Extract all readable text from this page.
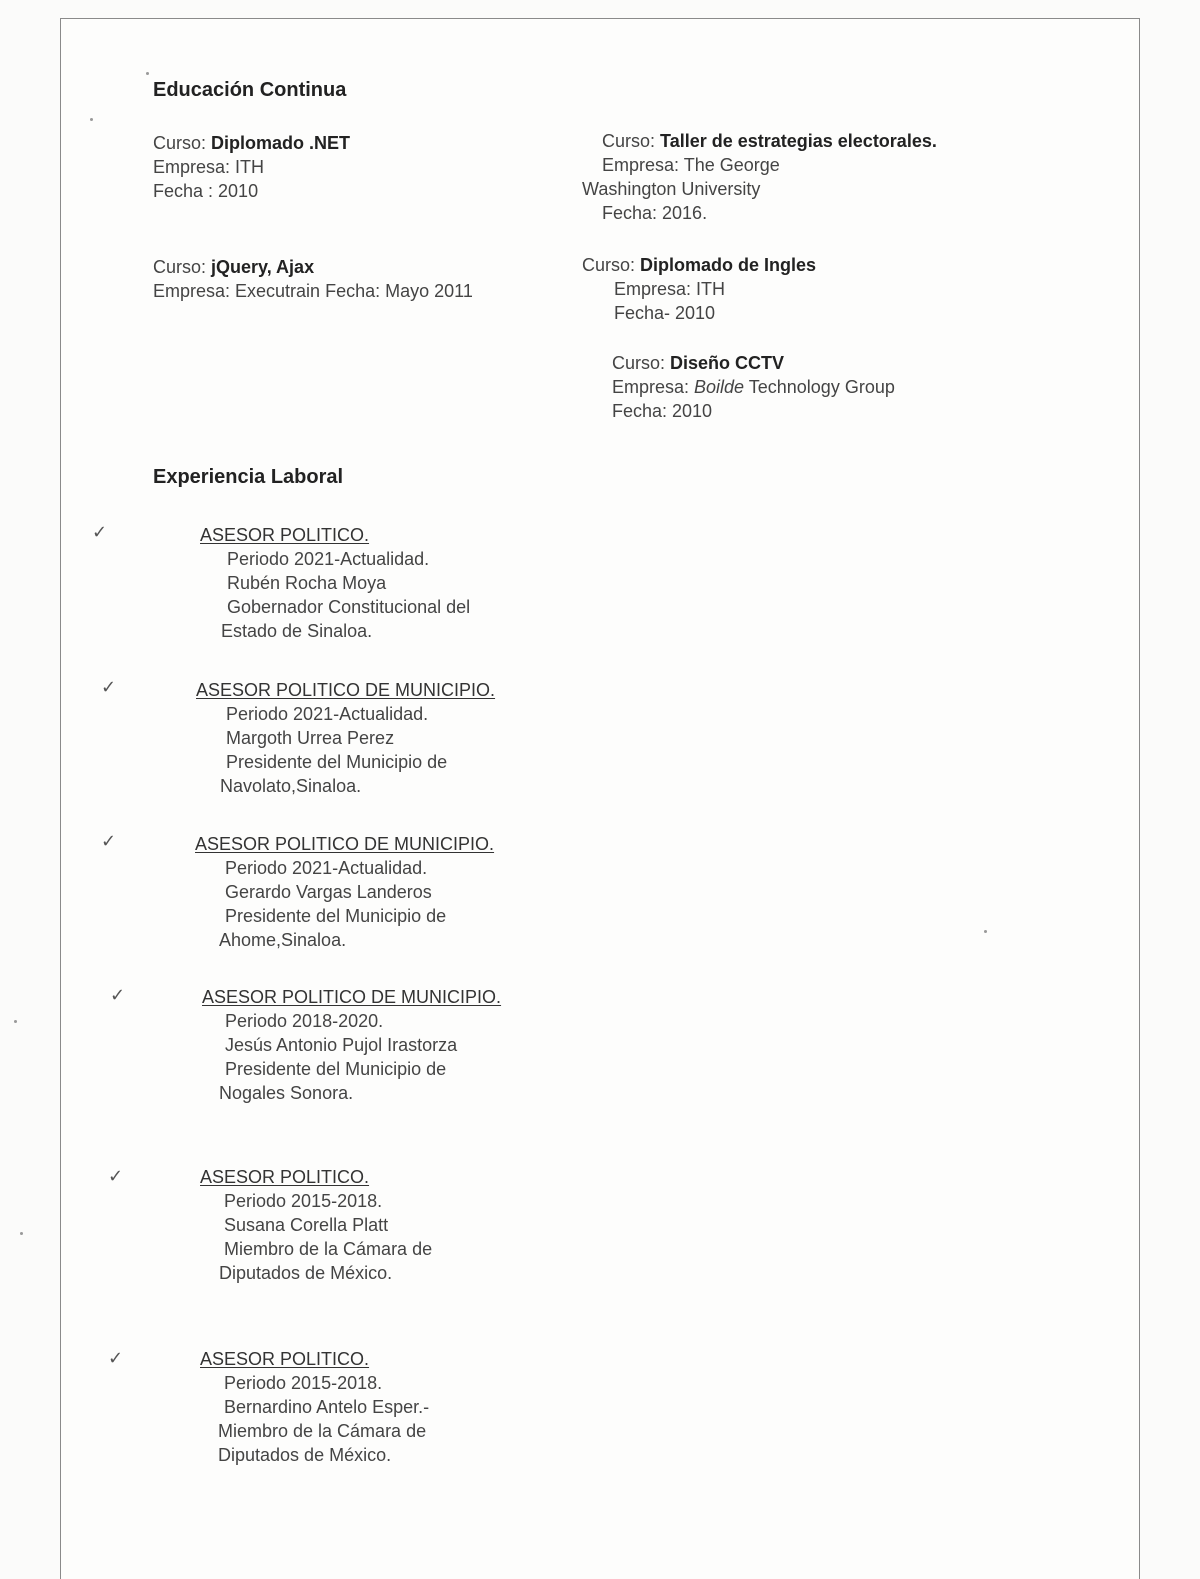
Educación Continua
Curso: Diplomado .NET
Empresa: ITH
Fecha : 2010
Curso: jQuery, Ajax
Empresa: Executrain Fecha: Mayo 2011
Curso: Taller de estrategias electorales.
Empresa: The George
Washington University
Fecha: 2016.
Curso: Diplomado de Ingles
Empresa: ITH
Fecha- 2010
Curso: Diseño CCTV
Empresa: Boilde Technology Group
Fecha: 2010
Experiencia Laboral
✓	ASESOR POLITICO.
Periodo 2021-Actualidad.
Rubén Rocha Moya
Gobernador Constitucional del
Estado de Sinaloa.
✓	ASESOR POLITICO DE MUNICIPIO.
Periodo 2021-Actualidad.
Margoth Urrea Perez
Presidente del Municipio de
Navolato,Sinaloa.
✓	ASESOR POLITICO DE MUNICIPIO.
Periodo 2021-Actualidad.
Gerardo Vargas Landeros
Presidente del Municipio de
Ahome,Sinaloa.
✓	ASESOR POLITICO DE MUNICIPIO.
Periodo 2018-2020.
Jesús Antonio Pujol Irastorza
Presidente del Municipio de
Nogales Sonora.
✓	ASESOR POLITICO.
Periodo 2015-2018.
Susana Corella Platt
Miembro de la Cámara de
Diputados de México.
✓	ASESOR POLITICO.
Periodo 2015-2018.
Bernardino Antelo Esper.-
Miembro de la Cámara de
Diputados de México.
